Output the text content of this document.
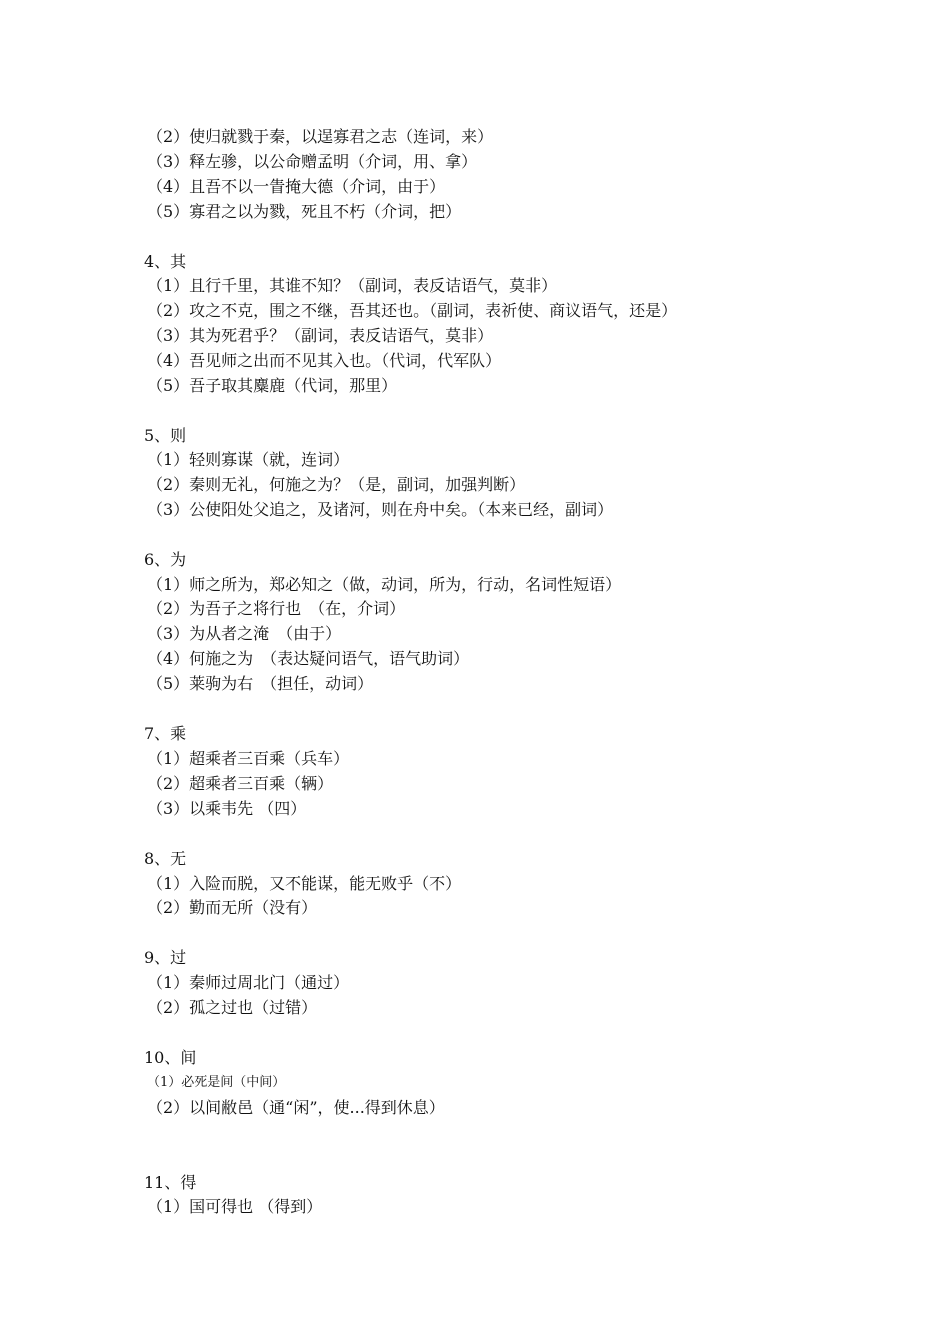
（2）使归就戮于秦，以逞寡君之志（连词，来）
（3）释左骖，以公命赠孟明（介词，用、拿）
（4）且吾不以一眚掩大德（介词，由于）
（5）寡君之以为戮，死且不朽（介词，把）
4、其
（1）且行千里，其谁不知？（副词，表反诘语气，莫非）
（2）攻之不克，围之不继，吾其还也。（副词，表祈使、商议语气，还是）
（3）其为死君乎？（副词，表反诘语气，莫非）
（4）吾见师之出而不见其入也。（代词，代军队）
（5）吾子取其麋鹿（代词，那里）
5、则
（1）轻则寡谋（就，连词）
（2）秦则无礼，何施之为？（是，副词，加强判断）
（3）公使阳处父追之，及诸河，则在舟中矣。（本来已经，副词）
6、为
（1）师之所为，郑必知之（做，动词，所为，行动，名词性短语）
（2）为吾子之将行也　（在，介词）
（3）为从者之淹　（由于）
（4）何施之为　（表达疑问语气，语气助词）
（5）莱驹为右　（担任，动词）
7、乘
（1）超乘者三百乘（兵车）
（2）超乘者三百乘（辆）
（3）以乘韦先 （四）
8、无
（1）入险而脱，又不能谋，能无败乎（不）
（2）勤而无所（没有）
9、过
（1）秦师过周北门（通过）
（2）孤之过也（过错）
10、间
（1）必死是间（中间）
（2）以间敝邑（通“闲”，使...得到休息）
11、得
（1）国可得也 （得到）
